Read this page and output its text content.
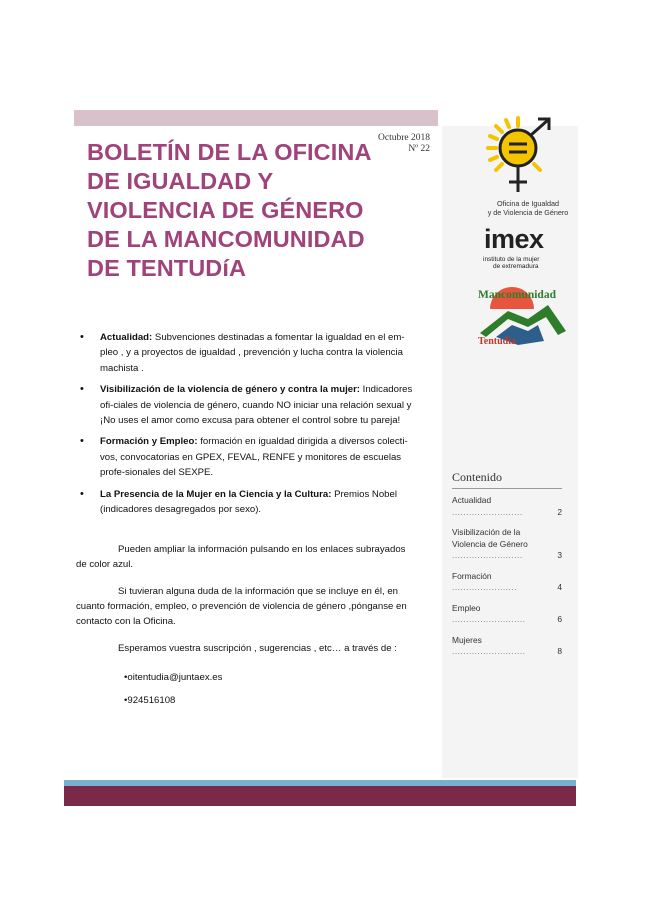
BOLETÍN DE LA OFICINA
DE IGUALDAD Y
VIOLENCIA DE GÉNERO
DE LA MANCOMUNIDAD
DE TENTUDíA
Octubre 2018
Nº 22
Oficina de Igualdad
y de Violencia de Género
imex
instituto de la mujer
de extremadura
Mancomunidad
Tentudía
• Actualidad: Subvenciones destinadas a fomentar la igualdad en el em-pleo , y a proyectos de igualdad , prevención y lucha contra la violencia machista .
• Visibilización de la violencia de género y contra la mujer: Indicadores ofi-ciales de violencia de género, cuando NO iniciar una relación sexual y ¡No uses el amor como excusa para obtener el control sobre tu pareja!
• Formación y Empleo: formación en igualdad dirigida a diversos colecti-vos, convocatorias en GPEX, FEVAL, RENFE y monitores de escuelas profe-sionales del SEXPE.
• La Presencia de la Mujer en la Ciencia y la Cultura: Premios Nobel (indicadores desagregados por sexo).

Pueden ampliar la información pulsando en los enlaces subrayados de color azul.

Si tuvieran alguna duda de la información que se incluye en él, en cuanto formación, empleo, o prevención de violencia de género ,pónganse en contacto con la Oficina.

Esperamos vuestra suscripción , sugerencias , etc… a través de :

•oitentudia@juntaex.es

•924516108

Contenido
Actualidad .........................	2
Visibilización de la Violencia de Género .........................	3
Formación .......................	4
Empleo ..........................	6
Mujeres ..........................	8
